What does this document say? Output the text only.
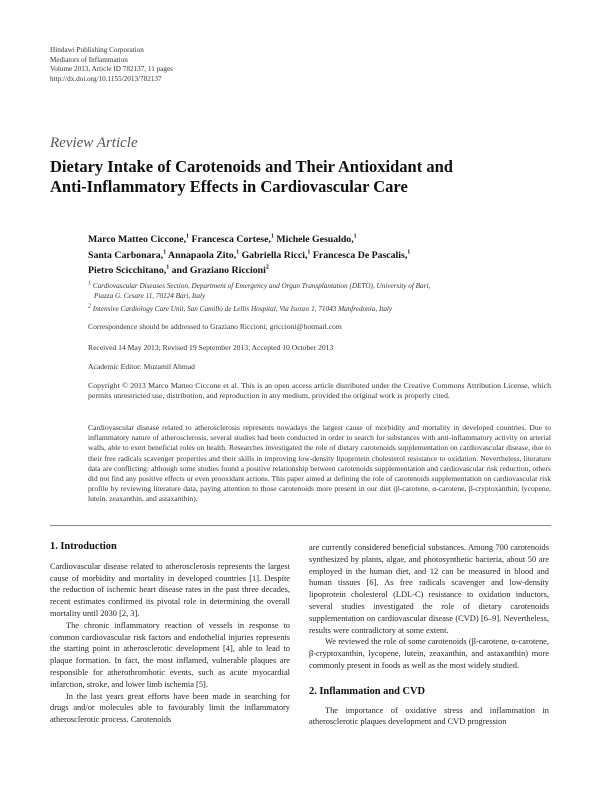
Hindawi Publishing Corporation
Mediators of Inflammation
Volume 2013, Article ID 782137, 11 pages
http://dx.doi.org/10.1155/2013/782137
Review Article
Dietary Intake of Carotenoids and Their Antioxidant and
Anti-Inflammatory Effects in Cardiovascular Care
Marco Matteo Ciccone,$^1$ Francesca Cortese,$^1$ Michele Gesualdo,$^1$
Santa Carbonara,$^1$ Annapaola Zito,$^1$ Gabriella Ricci,$^1$ Francesca De Pascalis,$^1$
Pietro Scicchitano,$^1$ and Graziano Riccioni$^2$
$^1$ Cardiovascular Diseases Section, Department of Emergency and Organ Transplantation (DETO), University of Bari,
Piazza G. Cesare 11, 70124 Bari, Italy
$^2$ Intensive Cardiology Care Unit, San Camillo de Lellis Hospital, Via Isonzo 1, 71043 Manfredonia, Italy
Correspondence should be addressed to Graziano Riccioni; griccioni@hotmail.com
Received 14 May 2013; Revised 19 September 2013; Accepted 10 October 2013
Academic Editor: Muzamil Ahmad
Copyright © 2013 Marco Matteo Ciccone et al. This is an open access article distributed under the Creative Commons Attribution License, which permits unrestricted use, distribution, and reproduction in any medium, provided the original work is properly cited.
Cardiovascular disease related to atherosclerosis represents nowadays the largest cause of morbidity and mortality in developed countries. Due to inflammatory nature of atherosclerosis, several studies had been conducted in order to search for substances with anti-inflammatory activity on arterial walls, able to exert beneficial roles on health. Researches investigated the role of dietary carotenoids supplementation on cardiovascular disease, due to their free radicals scavenger properties and their skills in improving low-density lipoprotein cholesterol resistance to oxidation. Nevertheless, literature data are conflicting: although some studies found a positive relationship between carotenoids supplementation and cardiovascular risk reduction, others did not find any positive effects or even prooxidant actions. This paper aimed at defining the role of carotenoids supplementation on cardiovascular risk profile by reviewing literature data, paying attention to those carotenoids more present in our diet (β-carotene, α-carotene, β-cryptoxanthin, lycopene, lutein, zeaxanthin, and astaxanthin).
1. Introduction

Cardiovascular disease related to atherosclerosis represents the largest cause of morbidity and mortality in developed countries [1]. Despite the reduction of ischemic heart disease rates in the past three decades, recent estimates confirmed its pivotal role in determining the overall mortality until 2030 [2, 3].

The chronic inflammatory reaction of vessels in response to common cardiovascular risk factors and endothelial injuries represents the starting point in atherosclerotic development [4], able to lead to plaque formation. In fact, the most inflamed, vulnerable plaques are responsible for atherothrombotic events, such as acute myocardial infarction, stroke, and lower limb ischemia [5].

In the last years great efforts have been made in searching for drugs and/or molecules able to favourably limit the inflammatory atherosclerotic process. Carotenoids

are currently considered beneficial substances. Among 700 carotenoids synthesized by plants, algae, and photosynthetic bacteria, about 50 are employed in the human diet, and 12 can be measured in blood and human tissues [6]. As free radicals scavenger and low-density lipoprotein cholesterol (LDL-C) resistance to oxidation inductors, several studies investigated the role of dietary carotenoids supplementation on cardiovascular disease (CVD) [6–9]. Nevertheless, results were contradictory at some extent.

We reviewed the role of some carotenoids (β-carotene, α-carotene, β-cryptoxanthin, lycopene, lutein, zeaxanthin, and astaxanthin) more commonly present in foods as well as the most widely studied.

2. Inflammation and CVD

The importance of oxidative stress and inflammation in atherosclerotic plaques development and CVD progression
